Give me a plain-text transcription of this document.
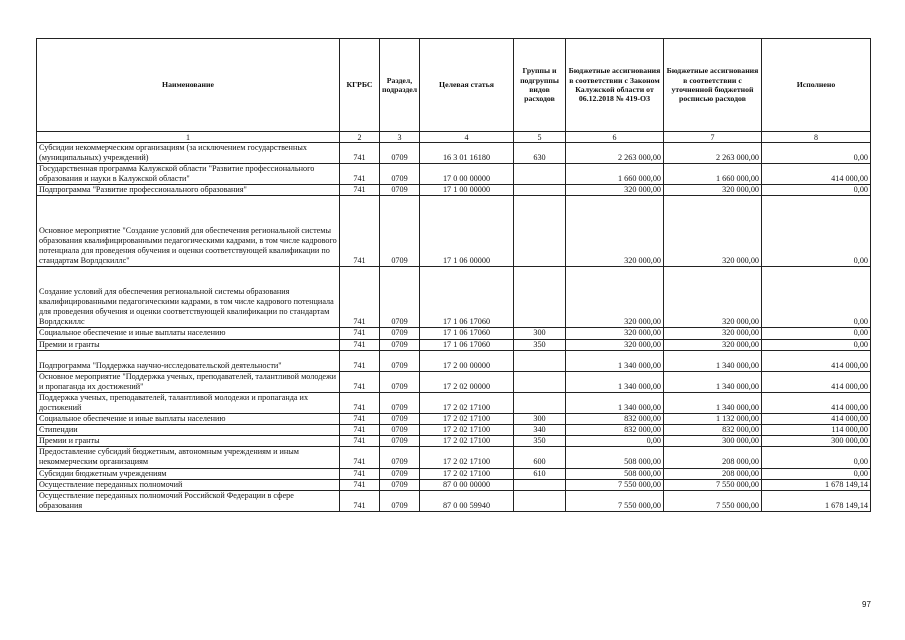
Наименование	КГРБС	Раздел, подраздел	Целевая статья	Группы и подгруппы видов расходов	Бюджетные ассигнования в соответствии с Законом Калужской области от 06.12.2018 № 419-ОЗ	Бюджетные ассигнования в соответствии с уточненной бюджетной росписью расходов	Исполнено
1	2	3	4	5	6	7	8
Субсидии некоммерческим организациям (за исключением государственных (муниципальных) учреждений)	741	0709	16 3 01 16180	630	2 263 000,00	2 263 000,00	0,00
Государственная программа Калужской области "Развитие профессионального образования и науки в Калужской области"	741	0709	17 0 00 00000		1 660 000,00	1 660 000,00	414 000,00
Подпрограмма "Развитие профессионального образования"	741	0709	17 1 00 00000		320 000,00	320 000,00	0,00
Основное мероприятие "Создание условий для обеспечения региональной системы образования квалифицированными педагогическими кадрами, в том числе кадрового потенциала для проведения обучения и оценки соответствующей квалификации по стандартам Ворлдскиллс"	741	0709	17 1 06 00000		320 000,00	320 000,00	0,00
Создание условий для обеспечения региональной системы образования квалифицированными педагогическими кадрами, в том числе кадрового потенциала для проведения обучения и оценки соответствующей квалификации по стандартам Ворлдскиллс	741	0709	17 1 06 17060		320 000,00	320 000,00	0,00
Социальное обеспечение и иные выплаты населению	741	0709	17 1 06 17060	300	320 000,00	320 000,00	0,00
Премии и гранты	741	0709	17 1 06 17060	350	320 000,00	320 000,00	0,00
Подпрограмма "Поддержка научно-исследовательской деятельности"	741	0709	17 2 00 00000		1 340 000,00	1 340 000,00	414 000,00
Основное мероприятие "Поддержка ученых, преподавателей, талантливой молодежи и пропаганда их достижений"	741	0709	17 2 02 00000		1 340 000,00	1 340 000,00	414 000,00
Поддержка ученых, преподавателей, талантливой молодежи и пропаганда их достижений	741	0709	17 2 02 17100		1 340 000,00	1 340 000,00	414 000,00
Социальное обеспечение и иные выплаты населению	741	0709	17 2 02 17100	300	832 000,00	1 132 000,00	414 000,00
Стипендии	741	0709	17 2 02 17100	340	832 000,00	832 000,00	114 000,00
Премии и гранты	741	0709	17 2 02 17100	350	0,00	300 000,00	300 000,00
Предоставление субсидий бюджетным, автономным учреждениям и иным некоммерческим организациям	741	0709	17 2 02 17100	600	508 000,00	208 000,00	0,00
Субсидии бюджетным учреждениям	741	0709	17 2 02 17100	610	508 000,00	208 000,00	0,00
Осуществление переданных полномочий	741	0709	87 0 00 00000		7 550 000,00	7 550 000,00	1 678 149,14
Осуществление переданных полномочий Российской Федерации в сфере образования	741	0709	87 0 00 59940		7 550 000,00	7 550 000,00	1 678 149,14
97
